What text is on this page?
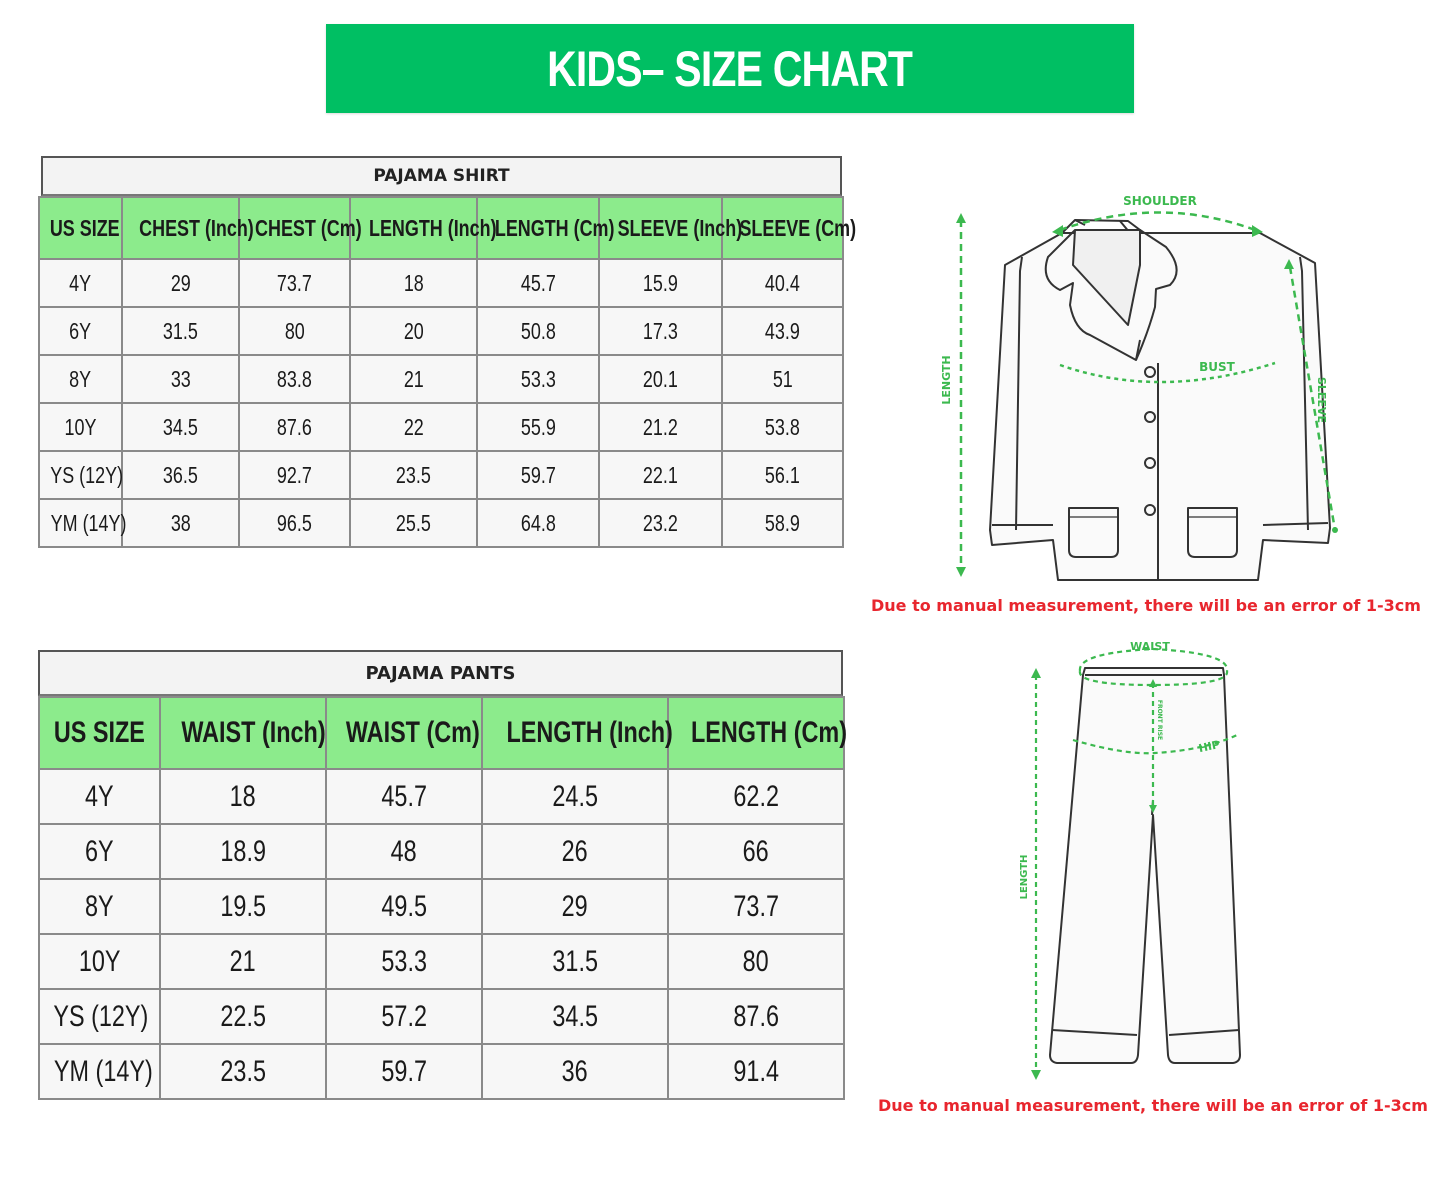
KIDS– SIZE CHART
PAJAMA SHIRT
US SIZE	CHEST (Inch)	CHEST (Cm)	LENGTH (Inch)	LENGTH (Cm)	SLEEVE (Inch)	SLEEVE (Cm)
4Y	29	73.7	18	45.7	15.9	40.4
6Y	31.5	80	20	50.8	17.3	43.9
8Y	33	83.8	21	53.3	20.1	51
10Y	34.5	87.6	22	55.9	21.2	53.8
YS (12Y)	36.5	92.7	23.5	59.7	22.1	56.1
YM (14Y)	38	96.5	25.5	64.8	23.2	58.9
PAJAMA PANTS
US SIZE	WAIST (Inch)	WAIST (Cm)	LENGTH (Inch)	LENGTH (Cm)
4Y	18	45.7	24.5	62.2
6Y	18.9	48	26	66
8Y	19.5	49.5	29	73.7
10Y	21	53.3	31.5	80
YS (12Y)	22.5	57.2	34.5	87.6
YM (14Y)	23.5	59.7	36	91.4
SHOULDER
BUST
LENGTH	SLEEVE
Due to manual measurement, there will be an error of 1-3cm
WAIST
HIP
FRONT RISE
LENGTH
Due to manual measurement, there will be an error of 1-3cm
